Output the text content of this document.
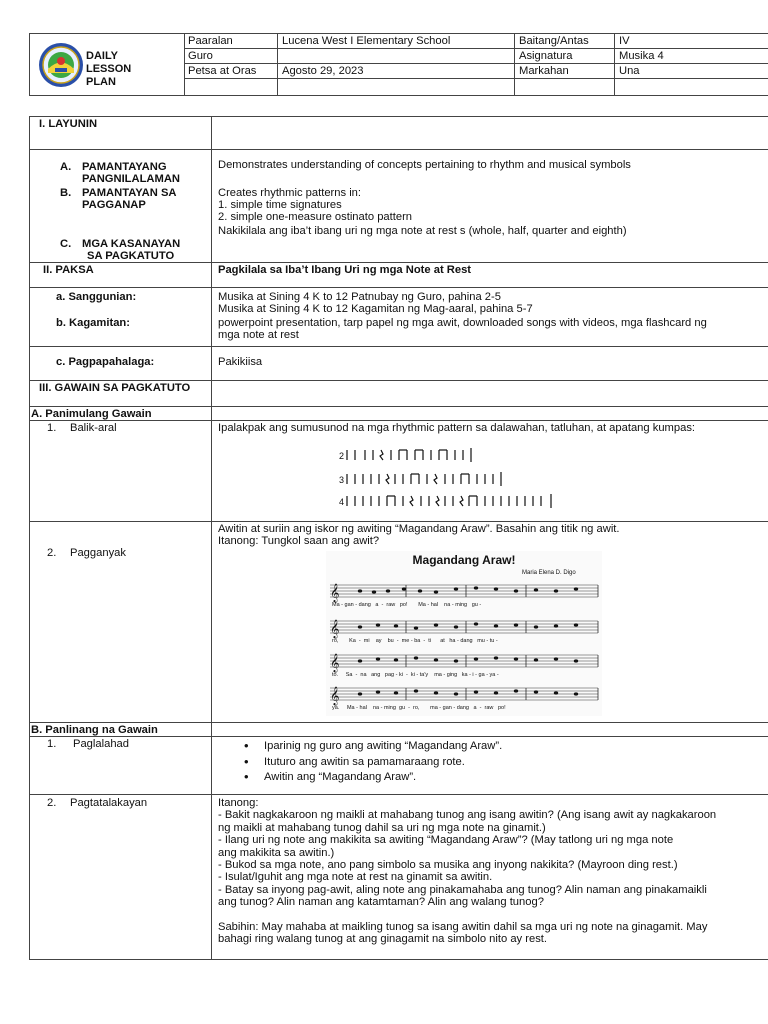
DAILY
LESSON
PLAN
Paaralan	Lucena West I Elementary School	Baitang/Antas	IV
Guro	Asignatura	Musika 4
Petsa at Oras Agosto 29, 2023	Markahan	Una
I. LAYUNIN
A. PAMANTAYANG
PANGNILALAMAN
Demonstrates understanding of concepts pertaining to rhythm and musical symbols
B. PAMANTAYAN SA
PAGGANAP
Creates rhythmic patterns in:
1. simple time signatures
2. simple one-measure ostinato pattern
C. MGA KASANAYAN
SA PAGKATUTO
Nakikilala ang iba’t ibang uri ng mga note at rest s (whole, half, quarter and eighth)
II. PAKSA	Pagkilala sa Iba’t Ibang Uri ng mga Note at Rest
a. Sanggunian:	Musika at Sining 4 K to 12 Patnubay ng Guro, pahina 2-5
Musika at Sining 4 K to 12 Kagamitan ng Mag-aaral, pahina 5-7
b. Kagamitan:	powerpoint presentation, tarp papel ng mga awit, downloaded songs with videos, mga flashcard ng
mga note at rest
c. Pagpapahalaga:	Pakikiisa
III. GAWAIN SA PAGKATUTO
A. Panimulang Gawain
1. Balik-aral	Ipalakpak ang sumusunod na mga rhythmic pattern sa dalawahan, tatluhan, at apatang kumpas:
2
3
4
Awitin at suriin ang iskor ng awiting “Magandang Araw”. Basahin ang titik ng awit.
Itanong: Tungkol saan ang awit?
2. Pagganyak	Magandang Araw!
Maria Elena D. Digo
𝄞
𝄞
𝄞
𝄞
Ma - gan - dang   a  -  raw   po!       Ma - hal    na - ming   gu -
ro,       Ka  -  mi    ay    bu  -  me - ba  -  ti      at   ha - dang   mu - tu -
to.     Sa  -  na   ang   pag - ki  -  ki - ta'y    ma - ging   ka - i - ga - ya -
ya.     Ma - hal    na - ming  gu  -  ro,       ma - gan - dang   a  -  raw   po!
B. Panlinang na Gawain
1. Paglalahad
•	Iparinig ng guro ang awiting “Magandang Araw”.
• Ituturo ang awitin sa pamamaraang rote.
• Awitin ang “Magandang Araw”.
2. Pagtatalakayan	Itanong:
- Bakit nagkakaroon ng maikli at mahabang tunog ang isang awitin? (Ang isang awit ay nagkakaroon
ng maikli at mahabang tunog dahil sa uri ng mga note na ginamit.)
- Ilang uri ng note ang makikita sa awiting “Magandang Araw”? (May tatlong uri ng mga note
ang makikita sa awitin.)
- Bukod sa mga note, ano pang simbolo sa musika ang inyong nakikita? (Mayroon ding rest.)
- Isulat/Iguhit ang mga note at rest na ginamit sa awitin.
- Batay sa inyong pag-awit, aling note ang pinakamahaba ang tunog? Alin naman ang pinakamaikli
ang tunog? Alin naman ang katamtaman? Alin ang walang tunog?
Sabihin: May mahaba at maikling tunog sa isang awitin dahil sa mga uri ng note na ginagamit. May
bahagi ring walang tunog at ang ginagamit na simbolo nito ay rest.
